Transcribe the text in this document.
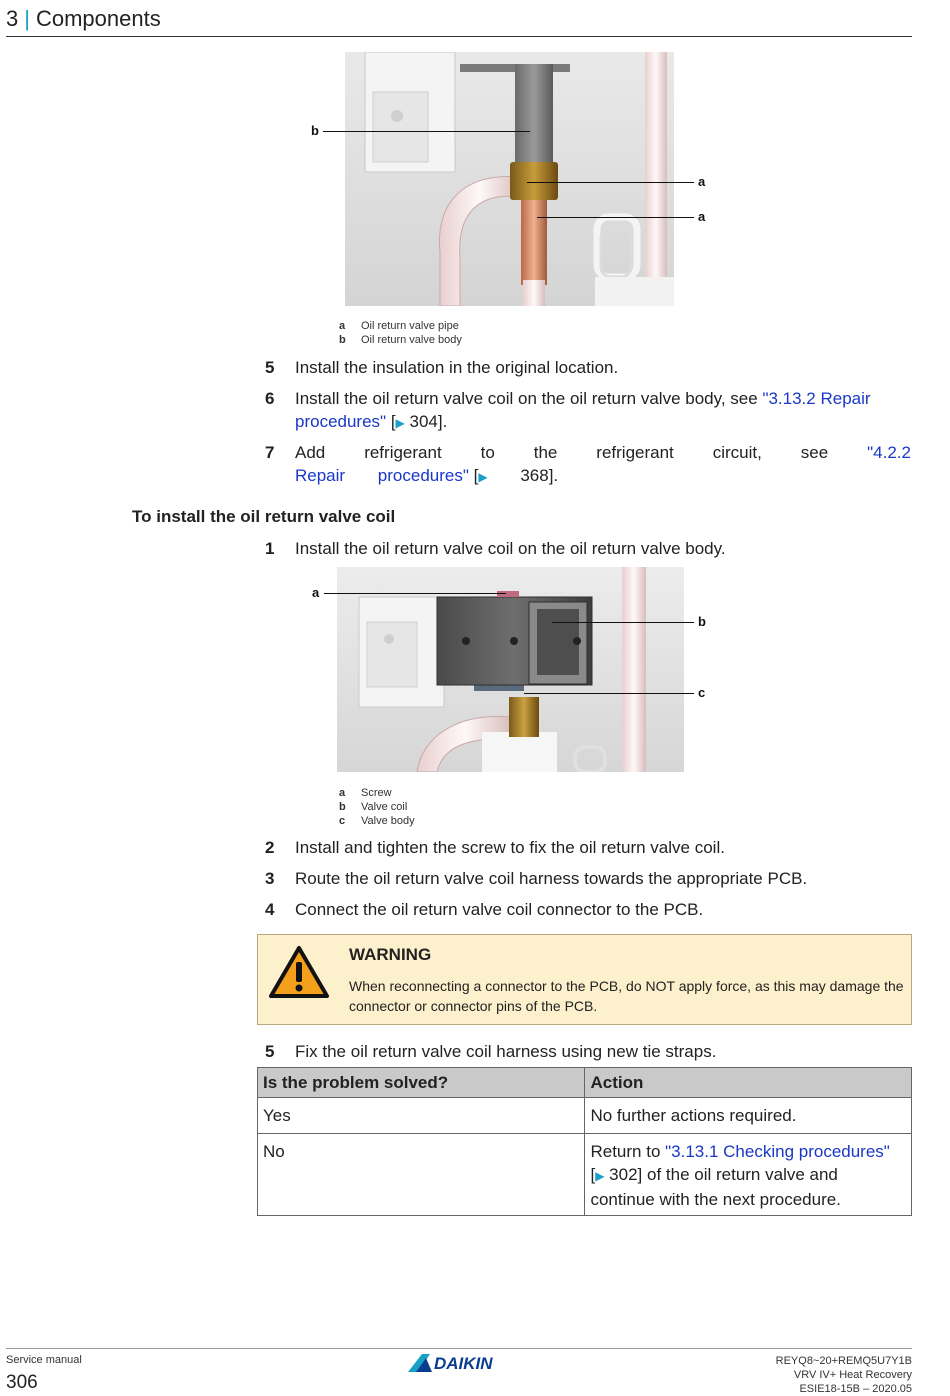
3 | Components
b
a
a
a Oil return valve pipe
b Oil return valve body
5 Install the insulation in the original location.
6 Install the oil return valve coil on the oil return valve body, see "3.13.2 Repair procedures" [▶ 304].
7 Add refrigerant to the refrigerant circuit, see "4.2.2 Repair procedures" [▶ 368].
To install the oil return valve coil
1 Install the oil return valve coil on the oil return valve body.
a
b
c
a Screw
b Valve coil
c Valve body
2 Install and tighten the screw to fix the oil return valve coil.
3 Route the oil return valve coil harness towards the appropriate PCB.
4 Connect the oil return valve coil connector to the PCB.
WARNING
When reconnecting a connector to the PCB, do NOT apply force, as this may damage the connector or connector pins of the PCB.
5 Fix the oil return valve coil harness using new tie straps.
Is the problem solved?	Action
Yes	No further actions required.
No	Return to "3.13.1 Checking procedures" [▶ 302] of the oil return valve and continue with the next procedure.
Service manual
306
DAIKIN	REYQ8~20+REMQ5U7Y1B
VRV IV+ Heat Recovery
ESIE18-15B – 2020.05
